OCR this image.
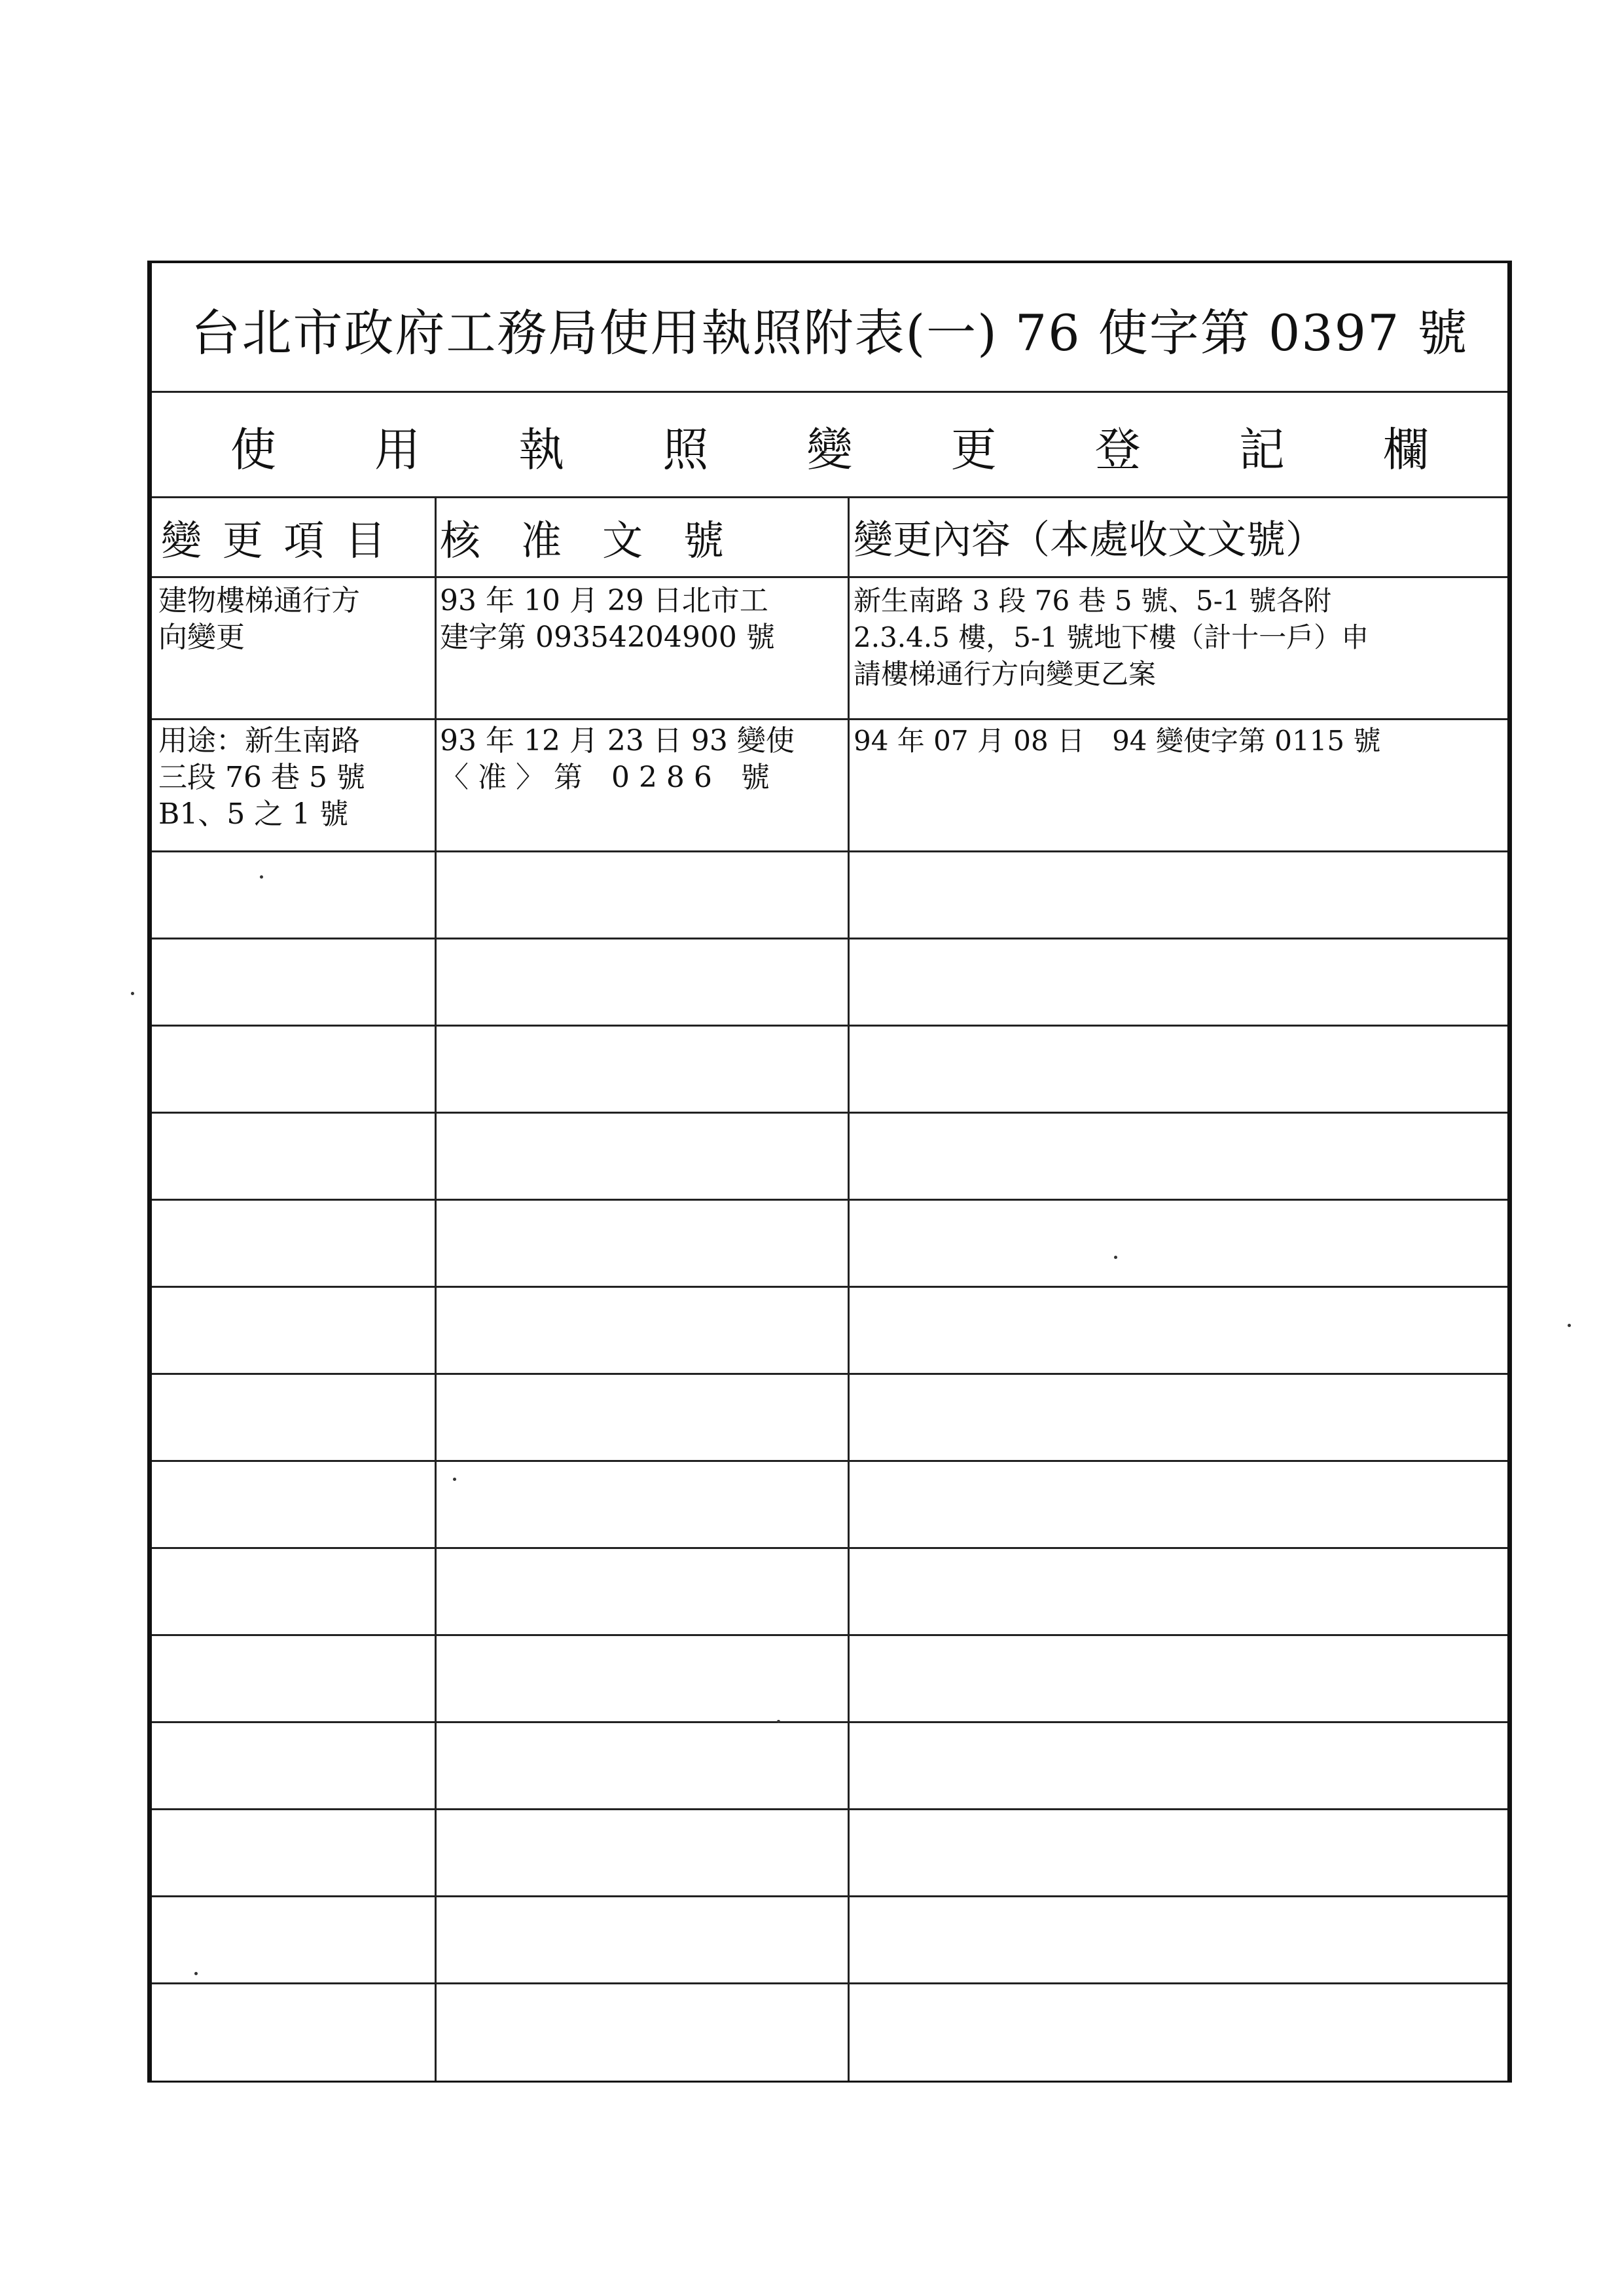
台北市政府工務局使用執照附表(一) 76 使字第 0397 號
使 用 執 照 變 更 登 記 欄
變 更 項 目	核　准　文　號	變更內容（本處收文文號）
建物樓梯通行方
向變更
93 年 10 月 29 日北市工
建字第 09354204900 號
新生南路 3 段 76 巷 5 號、5-1 號各附
2.3.4.5 樓，5-1 號地下樓（計十一戶）申
請樓梯通行方向變更乙案
用途：新生南路
三段 76 巷 5 號
B1、5 之 1 號
93 年 12 月 23 日 93 變使
〈 准 〉 第　0 2 8 6　號
94 年 07 月 08 日　94 變使字第 0115 號
